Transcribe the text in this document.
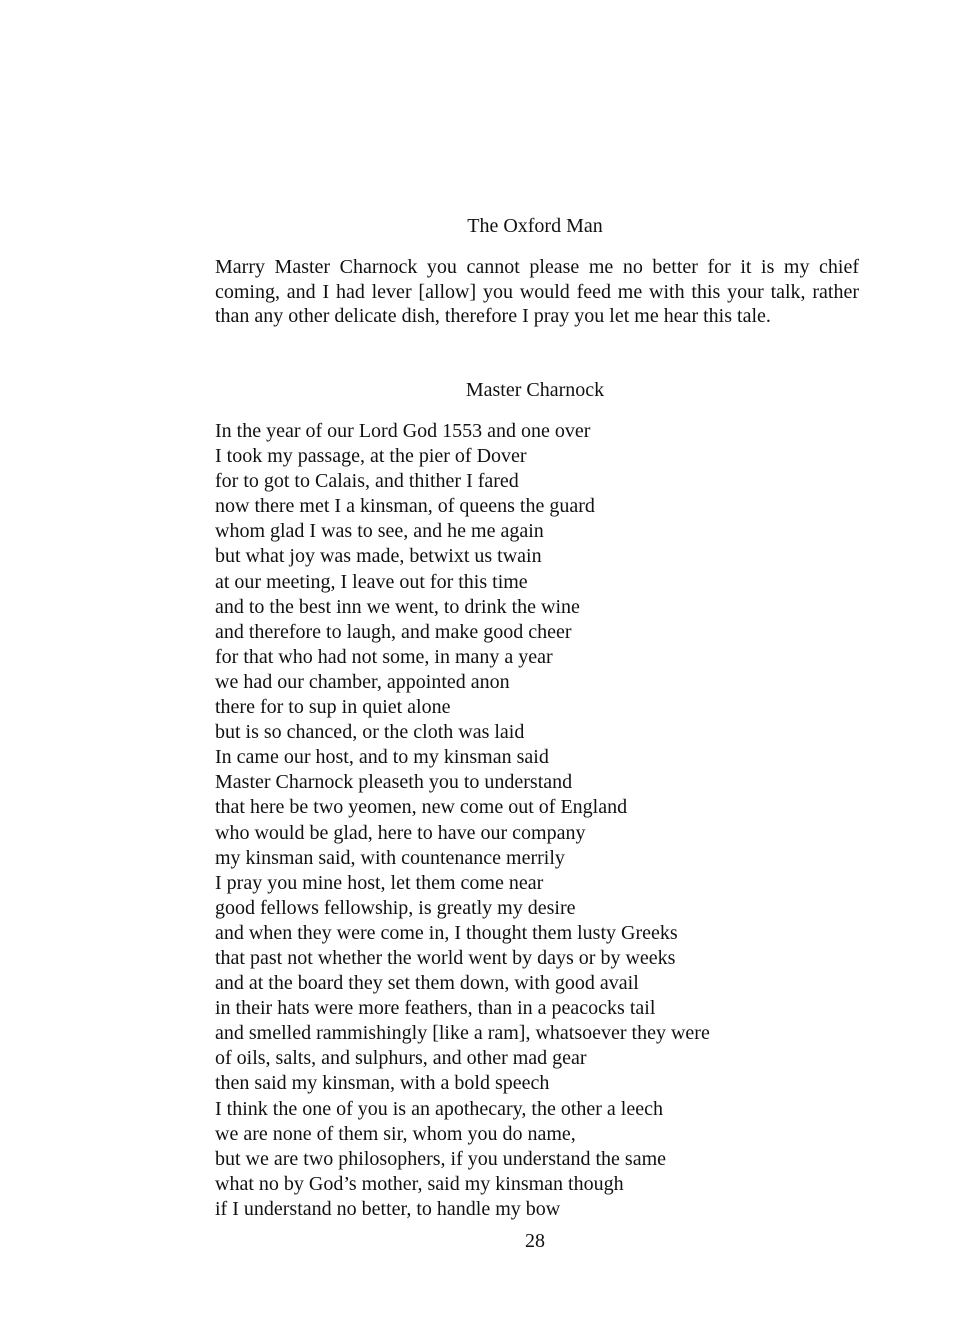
The Oxford Man

Marry Master Charnock you cannot please me no better for it is my chief coming, and I had lever [allow] you would feed me with this your talk, rather than any other delicate dish, therefore I pray you let me hear this tale.

Master Charnock
In the year of our Lord God 1553 and one over
I took my passage, at the pier of Dover
for to got to Calais, and thither I fared
now there met I a kinsman, of queens the guard
whom glad I was to see, and he me again
but what joy was made, betwixt us twain
at our meeting, I leave out for this time
and to the best inn we went, to drink the wine
and therefore to laugh, and make good cheer
for that who had not some, in many a year
we had our chamber, appointed anon
there for to sup in quiet alone
but is so chanced, or the cloth was laid
In came our host, and to my kinsman said
Master Charnock pleaseth you to understand
that here be two yeomen, new come out of England
who would be glad, here to have our company
my kinsman said, with countenance merrily
I pray you mine host, let them come near
good fellows fellowship, is greatly my desire
and when they were come in, I thought them lusty Greeks
that past not whether the world went by days or by weeks
and at the board they set them down, with good avail
in their hats were more feathers, than in a peacocks tail
and smelled rammishingly [like a ram], whatsoever they were
of oils, salts, and sulphurs, and other mad gear
then said my kinsman, with a bold speech
I think the one of you is an apothecary, the other a leech
we are none of them sir, whom you do name,
but we are two philosophers, if you understand the same
what no by God’s mother, said my kinsman though
if I understand no better, to handle my bow
28
